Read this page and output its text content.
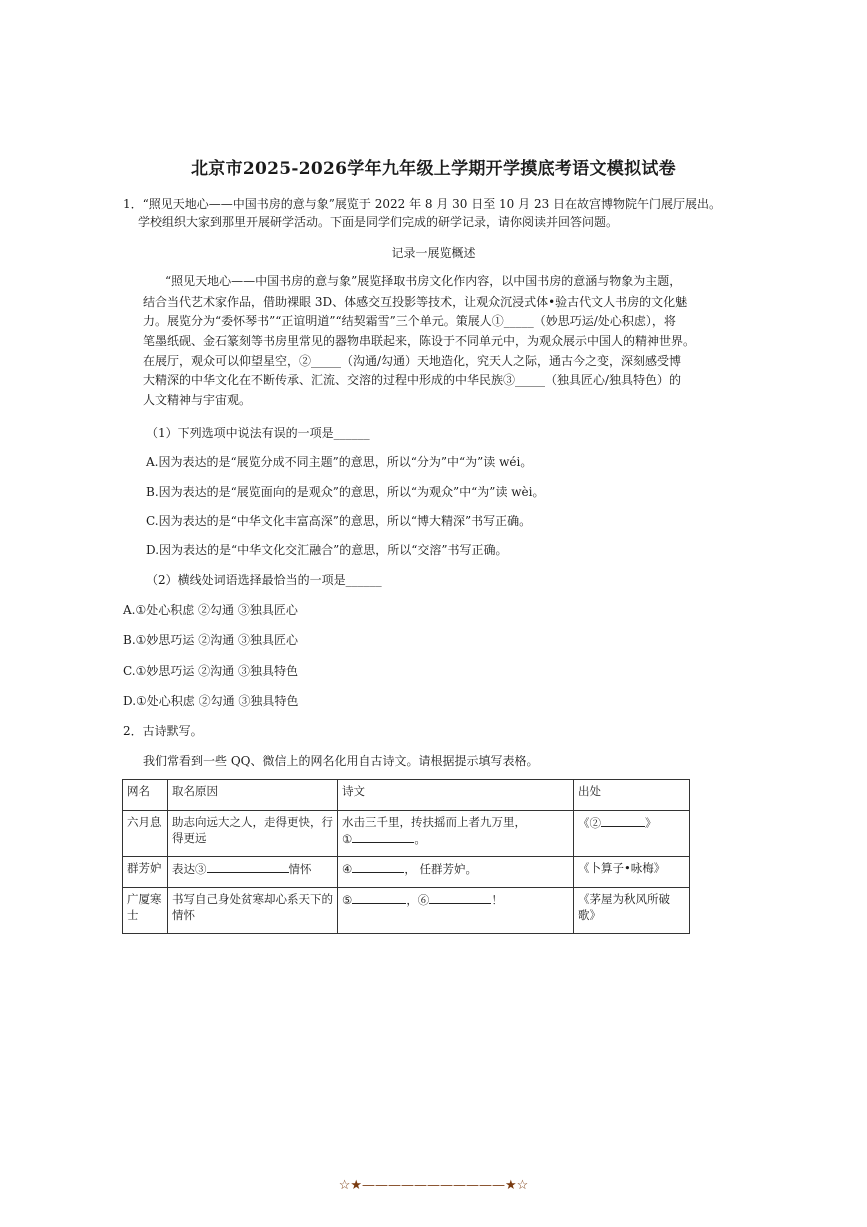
北京市2025-2026学年九年级上学期开学摸底考语文模拟试卷
1．“照见天地心——中国书房的意与象”展览于 2022 年 8 月 30 日至 10 月 23 日在故宫博物院午门展厅展出。
学校组织大家到那里开展研学活动。下面是同学们完成的研学记录，请你阅读并回答问题。
记录一展览概述
“照见天地心——中国书房的意与象”展览择取书房文化作内容，以中国书房的意涵与物象为主题，
结合当代艺术家作品，借助裸眼 3D、体感交互投影等技术，让观众沉浸式体•验古代文人书房的文化魅
力。展览分为“委怀琴书”“正谊明道”“结契霜雪”三个单元。策展人①_____（妙思巧运/处心积虑），将
笔墨纸砚、金石篆刻等书房里常见的器物串联起来，陈设于不同单元中，为观众展示中国人的精神世界。
在展厅，观众可以仰望星空，②_____（沟通/勾通）天地造化，究天人之际，通古今之变，深刻感受博
大精深的中华文化在不断传承、汇流、交溶的过程中形成的中华民族③_____（独具匠心/独具特色）的
人文精神与宇宙观。
（1）下列选项中说法有误的一项是______
A.因为表达的是“展览分成不同主题”的意思，所以“分为”中“为”读 wéi。
B.因为表达的是“展览面向的是观众”的意思，所以“为观众”中“为”读 wèi。
C.因为表达的是“中华文化丰富高深”的意思，所以“博大精深”书写正确。
D.因为表达的是“中华文化交汇融合”的意思，所以“交溶”书写正确。
（2）横线处词语选择最恰当的一项是______
A.①处心积虑 ②勾通 ③独具匠心
B.①妙思巧运 ②沟通 ③独具匠心
C.①妙思巧运 ②沟通 ③独具特色
D.①处心积虑 ②勾通 ③独具特色
2．古诗默写。
我们常看到一些 QQ、微信上的网名化用自古诗文。请根据提示填写表格。
网名	取名原因	诗文	出处
六月息	助志向远大之人，走得更快，行得更远	水击三千里，抟扶摇而上者九万里，
① 。	《② 》
群芳妒	表达③ 情怀	④ ， 任群芳妒。	《卜算子•咏梅》
广厦寒士	书写自己身处贫寒却心系天下的情怀	⑤ ，⑥ ！	《茅屋为秋风所破歌》
☆★———————————★☆
